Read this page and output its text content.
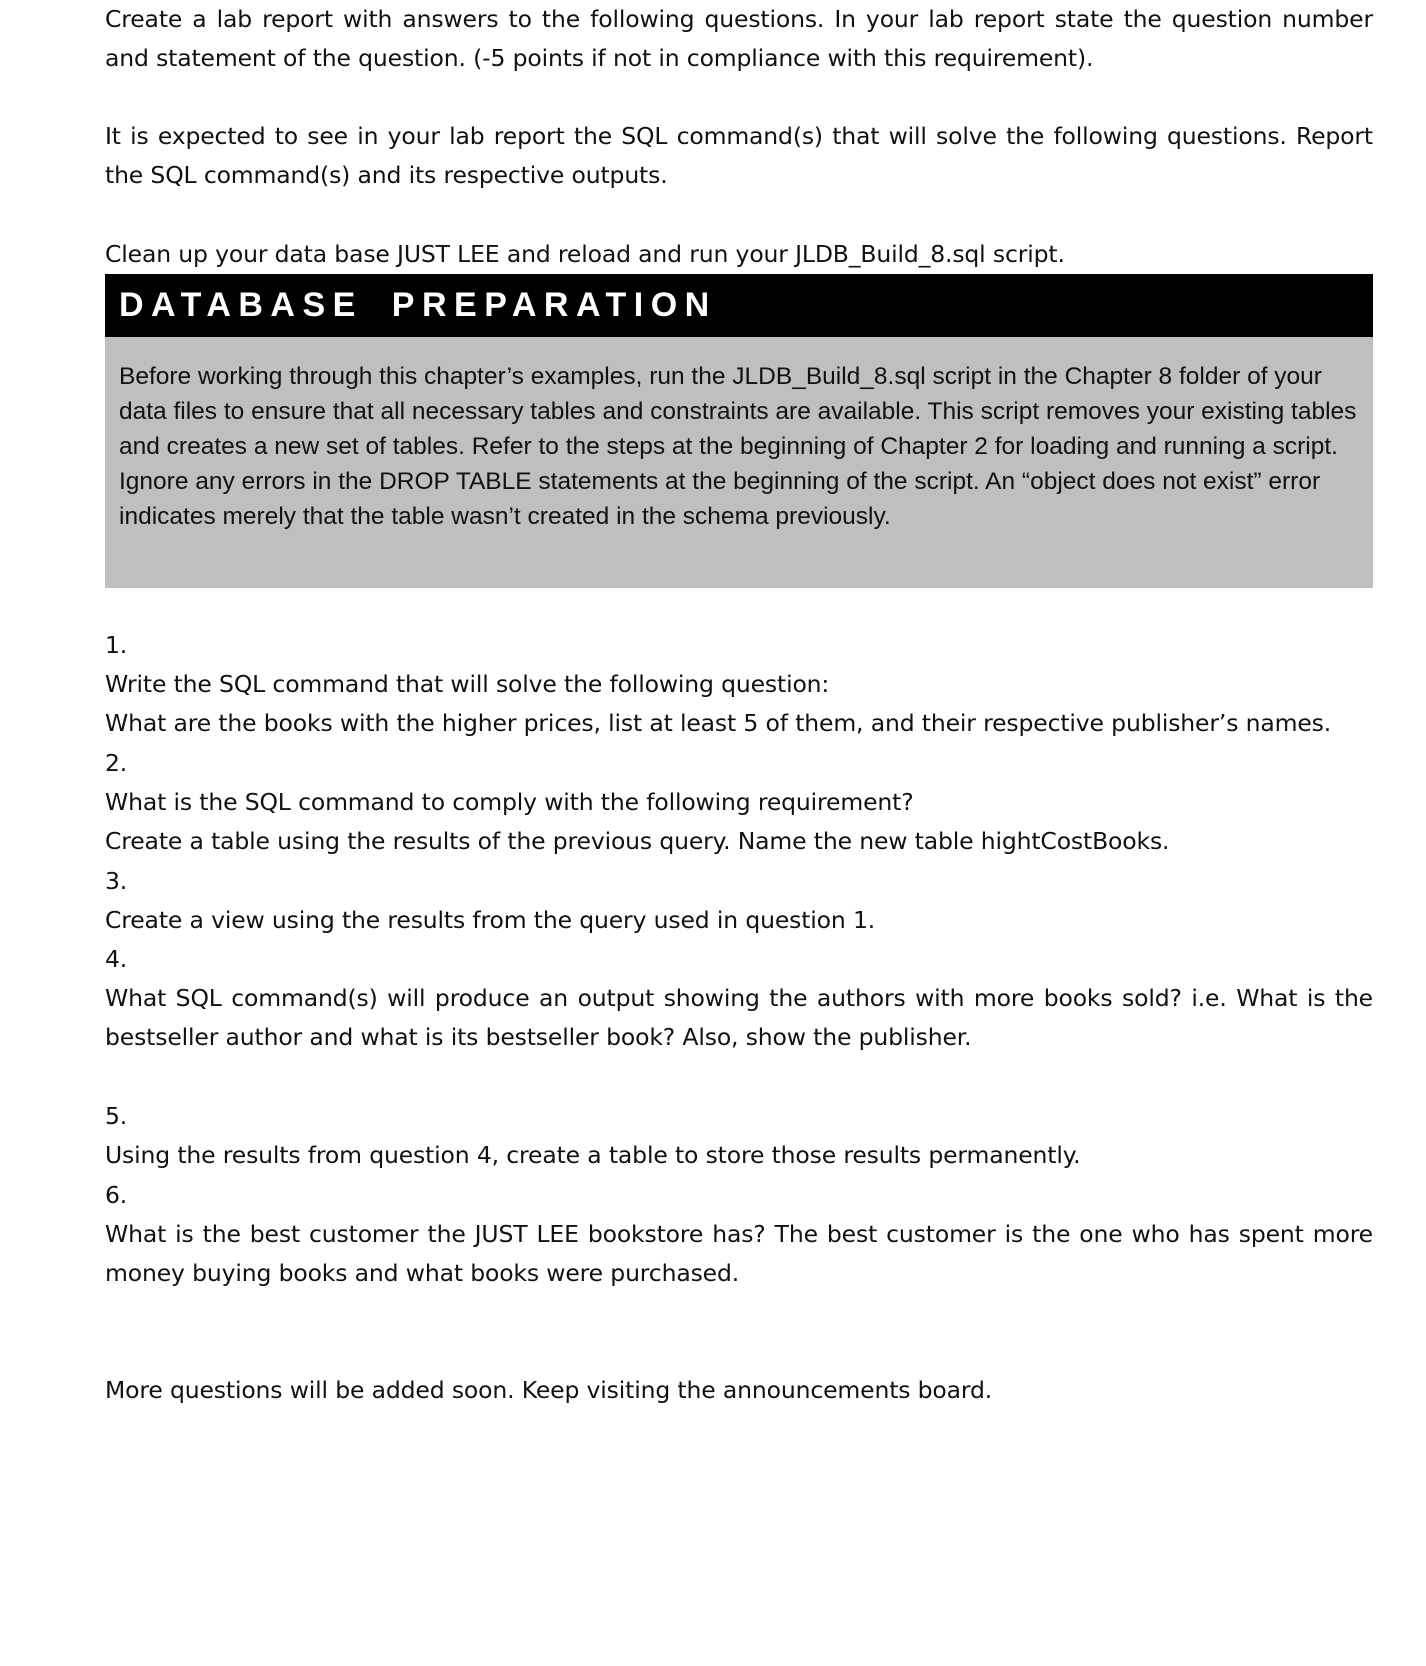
Create a lab report with answers to the following questions. In your lab report state the question number and statement of the question. (-5 points if not in compliance with this requirement).

It is expected to see in your lab report the SQL command(s) that will solve the following questions. Report the SQL command(s) and its respective outputs.

Clean up your data base JUST LEE and reload and run your JLDB_Build_8.sql script.

DATABASE PREPARATION
Before working through this chapter’s examples, run the JLDB_Build_8.sql script in the Chapter 8 folder of your data files to ensure that all necessary tables and constraints are available. This script removes your existing tables and creates a new set of tables. Refer to the steps at the beginning of Chapter 2 for loading and running a script. Ignore any errors in the DROP TABLE statements at the beginning of the script. An “object does not exist” error indicates merely that the table wasn’t created in the schema previously.
1.
Write the SQL command that will solve the following question:
What are the books with the higher prices, list at least 5 of them, and their respective publisher’s names.
2.
What is the SQL command to comply with the following requirement?
Create a table using the results of the previous query. Name the new table hightCostBooks.
3.
Create a view using the results from the query used in question 1.
4.
What SQL command(s) will produce an output showing the authors with more books sold? i.e. What is the bestseller author and what is its bestseller book? Also, show the publisher.
5.
Using the results from question 4, create a table to store those results permanently.
6.
What is the best customer the JUST LEE bookstore has? The best customer is the one who has spent more money buying books and what books were purchased.

More questions will be added soon. Keep visiting the announcements board.
